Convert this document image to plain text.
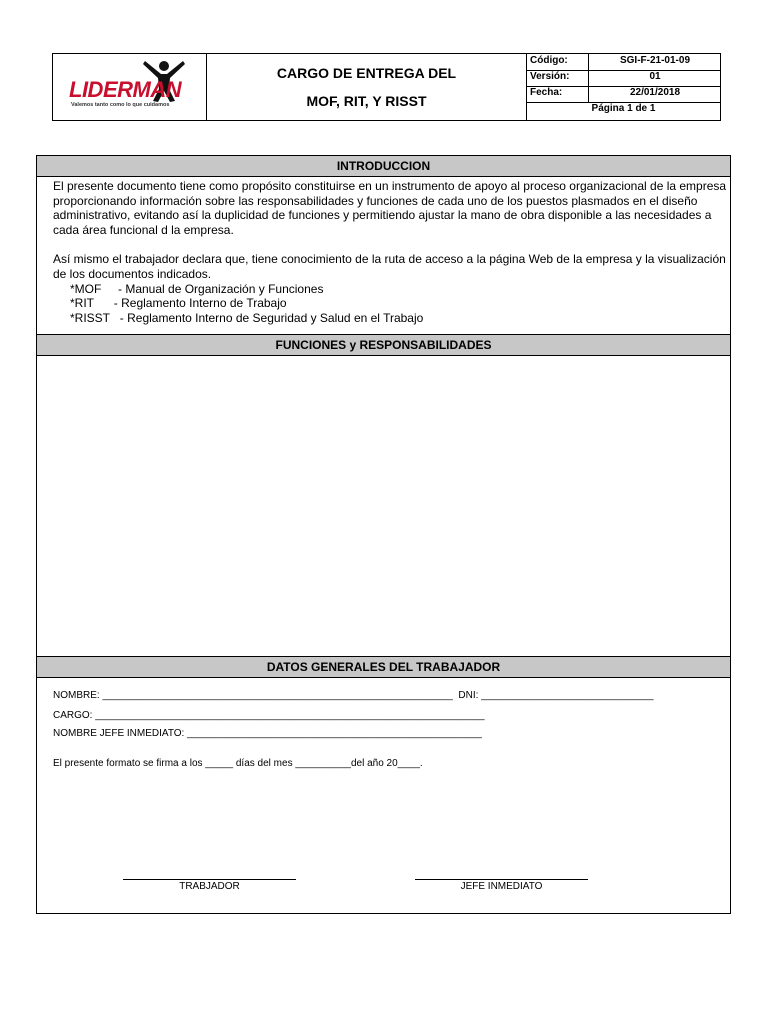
LIDERMAN
Valemos tanto como lo que cuidamos
CARGO DE ENTREGA DEL
MOF, RIT, Y RISST
Código:	SGI-F-21-01-09
Versión:	01
Fecha:	22/01/2018
Página 1 de 1
INTRODUCCION

El presente documento tiene como propósito constituirse en un instrumento de apoyo al proceso organizacional de la empresa proporcionando información sobre las responsabilidades y funciones de cada uno de los puestos plasmados en el diseño administrativo, evitando así la duplicidad de funciones y permitiendo ajustar la mano de obra disponible a las necesidades a cada área funcional d la empresa.

Así mismo el trabajador declara que, tiene conocimiento de la ruta de acceso a la página Web de la empresa y la visualización de los documentos indicados.

*MOF     - Manual de Organización y Funciones
*RIT      - Reglamento Interno de Trabajo
*RISST   - Reglamento Interno de Seguridad y Salud en el Trabajo
FUNCIONES y RESPONSABILIDADES
DATOS GENERALES DEL TRABAJADOR
NOMBRE: _______________________________________________________________  DNI: _______________________________
CARGO: ______________________________________________________________________
NOMBRE JEFE INMEDIATO: _____________________________________________________
El presente formato se firma a los _____ días del mes __________del año 20____.
TRABJADOR	JEFE INMEDIATO
